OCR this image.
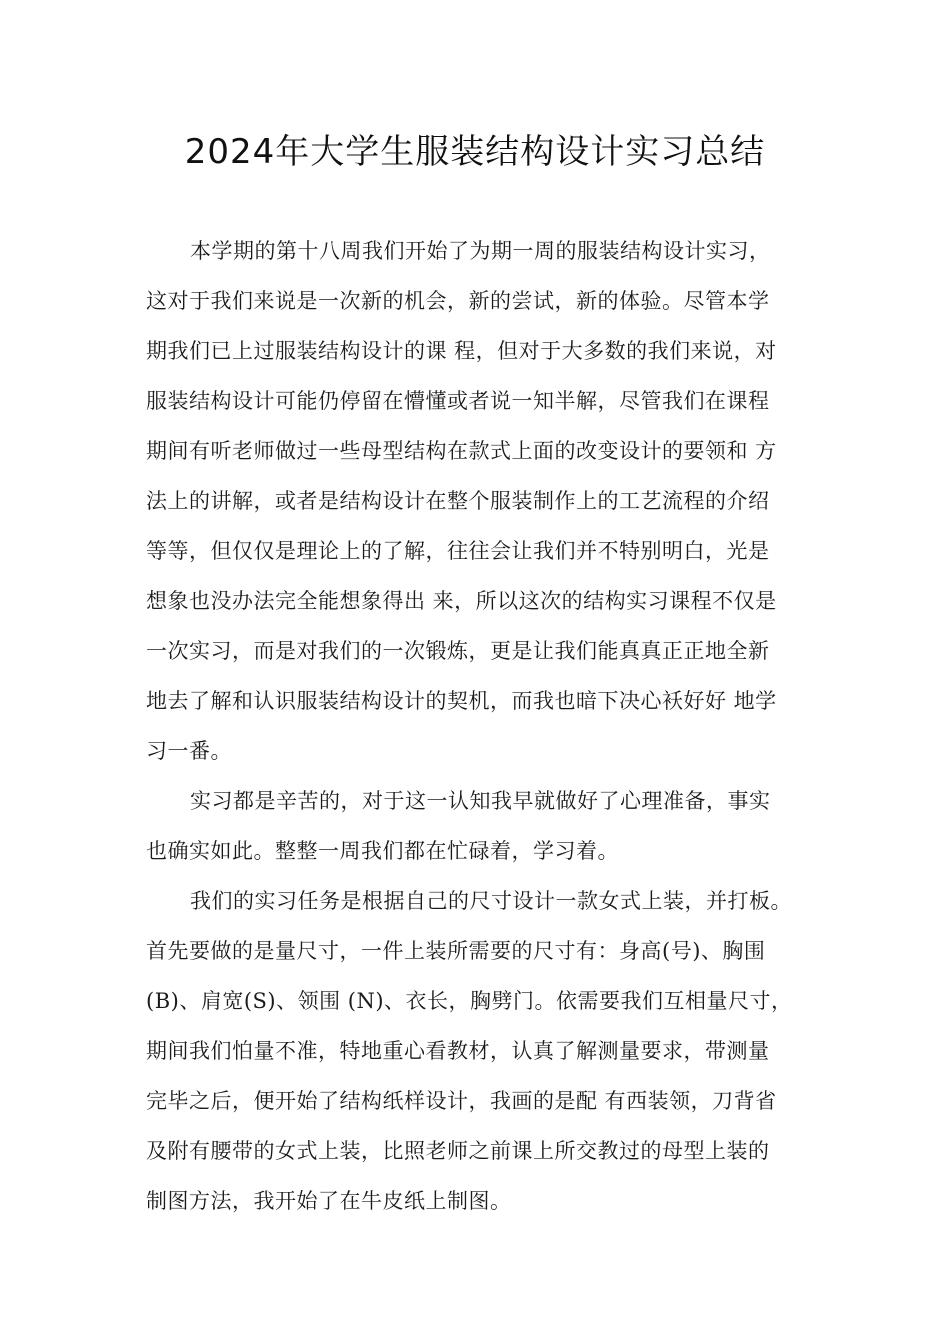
2024年大学生服装结构设计实习总结
本学期的第十八周我们开始了为期一周的服装结构设计实习，
这对于我们来说是一次新的机会，新的尝试，新的体验。尽管本学
期我们已上过服装结构设计的课 程，但对于大多数的我们来说，对
服装结构设计可能仍停留在懵懂或者说一知半解，尽管我们在课程
期间有听老师做过一些母型结构在款式上面的改变设计的要领和 方
法上的讲解，或者是结构设计在整个服装制作上的工艺流程的介绍
等等，但仅仅是理论上的了解，往往会让我们并不特别明白，光是
想象也没办法完全能想象得出 来，所以这次的结构实习课程不仅是
一次实习，而是对我们的一次锻炼，更是让我们能真真正正地全新
地去了解和认识服装结构设计的契机，而我也暗下决心袄好好 地学
习一番。
实习都是辛苦的，对于这一认知我早就做好了心理准备，事实
也确实如此。整整一周我们都在忙碌着，学习着。
我们的实习任务是根据自己的尺寸设计一款女式上装，并打板。
首先要做的是量尺寸，一件上装所需要的尺寸有：身高(号)、胸围
(B)、肩宽(S)、领围 (N)、衣长，胸劈门。依需要我们互相量尺寸，
期间我们怕量不准，特地重心看教材，认真了解测量要求，带测量
完毕之后，便开始了结构纸样设计，我画的是配 有西装领，刀背省
及附有腰带的女式上装，比照老师之前课上所交教过的母型上装的
制图方法，我开始了在牛皮纸上制图。
